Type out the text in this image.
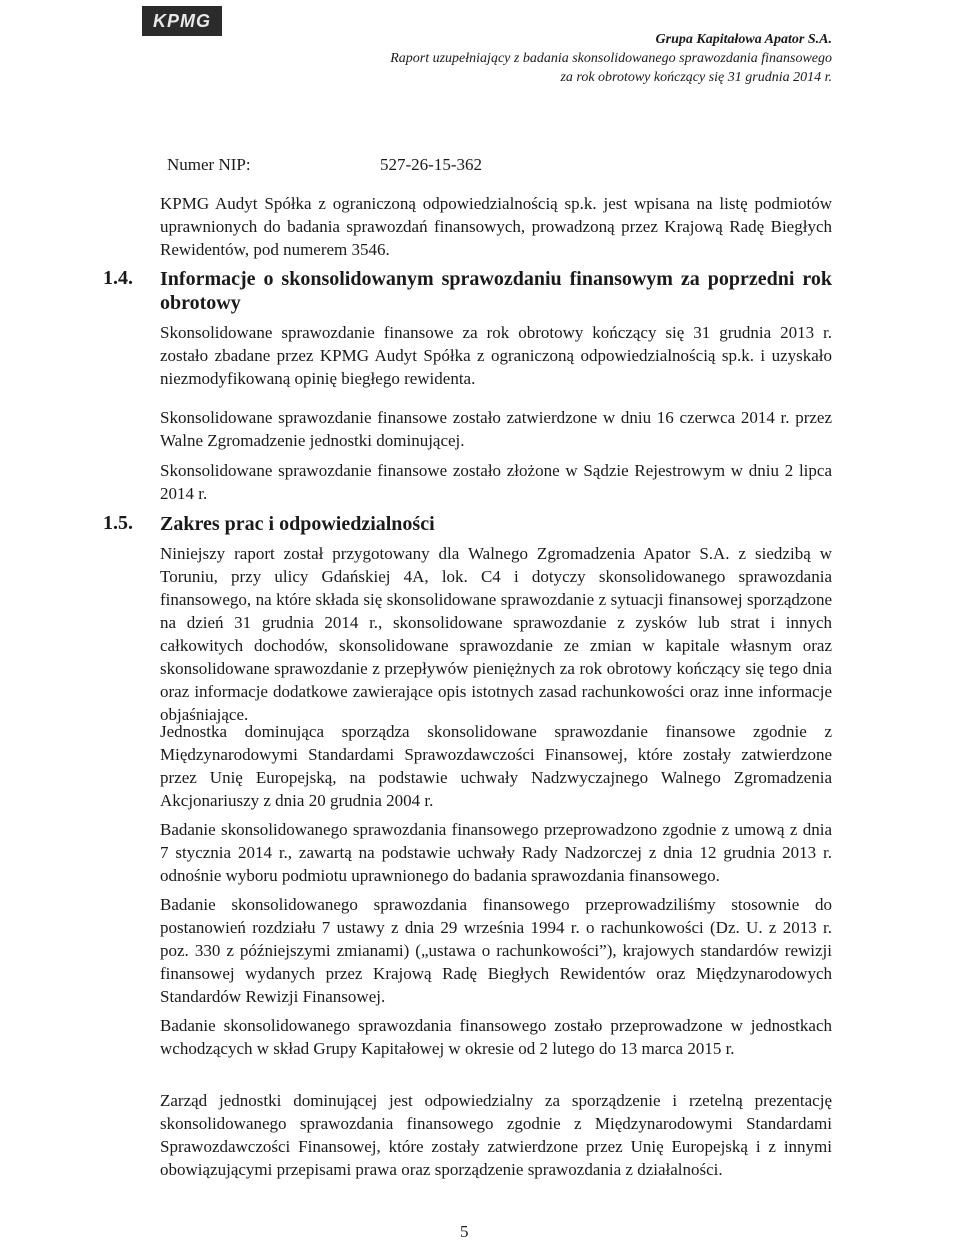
KPMG
Grupa Kapitałowa Apator S.A.
Raport uzupełniający z badania skonsolidowanego sprawozdania finansowego
za rok obrotowy kończący się 31 grudnia 2014 r.
Numer NIP:	527-26-15-362
KPMG Audyt Spółka z ograniczoną odpowiedzialnością sp.k. jest wpisana na listę podmiotów uprawnionych do badania sprawozdań finansowych, prowadzoną przez Krajową Radę Biegłych Rewidentów, pod numerem 3546.
1.4. Informacje o skonsolidowanym sprawozdaniu finansowym za poprzedni rok obrotowy
Skonsolidowane sprawozdanie finansowe za rok obrotowy kończący się 31 grudnia 2013 r. zostało zbadane przez KPMG Audyt Spółka z ograniczoną odpowiedzialnością sp.k. i uzyskało niezmodyfikowaną opinię biegłego rewidenta.
Skonsolidowane sprawozdanie finansowe zostało zatwierdzone w dniu 16 czerwca 2014 r. przez Walne Zgromadzenie jednostki dominującej.
Skonsolidowane sprawozdanie finansowe zostało złożone w Sądzie Rejestrowym w dniu 2 lipca 2014 r.
1.5. Zakres prac i odpowiedzialności
Niniejszy raport został przygotowany dla Walnego Zgromadzenia Apator S.A. z siedzibą w Toruniu, przy ulicy Gdańskiej 4A, lok. C4 i dotyczy skonsolidowanego sprawozdania finansowego, na które składa się skonsolidowane sprawozdanie z sytuacji finansowej sporządzone na dzień 31 grudnia 2014 r., skonsolidowane sprawozdanie z zysków lub strat i innych całkowitych dochodów, skonsolidowane sprawozdanie ze zmian w kapitale własnym oraz skonsolidowane sprawozdanie z przepływów pieniężnych za rok obrotowy kończący się tego dnia oraz informacje dodatkowe zawierające opis istotnych zasad rachunkowości oraz inne informacje objaśniające.
Jednostka dominująca sporządza skonsolidowane sprawozdanie finansowe zgodnie z Międzynarodowymi Standardami Sprawozdawczości Finansowej, które zostały zatwierdzone przez Unię Europejską, na podstawie uchwały Nadzwyczajnego Walnego Zgromadzenia Akcjonariuszy z dnia 20 grudnia 2004 r.
Badanie skonsolidowanego sprawozdania finansowego przeprowadzono zgodnie z umową z dnia 7 stycznia 2014 r., zawartą na podstawie uchwały Rady Nadzorczej z dnia 12 grudnia 2013 r. odnośnie wyboru podmiotu uprawnionego do badania sprawozdania finansowego.
Badanie skonsolidowanego sprawozdania finansowego przeprowadziliśmy stosownie do postanowień rozdziału 7 ustawy z dnia 29 września 1994 r. o rachunkowości (Dz. U. z 2013 r. poz. 330 z późniejszymi zmianami) („ustawa o rachunkowości”), krajowych standardów rewizji finansowej wydanych przez Krajową Radę Biegłych Rewidentów oraz Międzynarodowych Standardów Rewizji Finansowej.
Badanie skonsolidowanego sprawozdania finansowego zostało przeprowadzone w jednostkach wchodzących w skład Grupy Kapitałowej w okresie od 2 lutego do 13 marca 2015 r.
Zarząd jednostki dominującej jest odpowiedzialny za sporządzenie i rzetelną prezentację skonsolidowanego sprawozdania finansowego zgodnie z Międzynarodowymi Standardami Sprawozdawczości Finansowej, które zostały zatwierdzone przez Unię Europejską i z innymi obowiązującymi przepisami prawa oraz sporządzenie sprawozdania z działalności.
5
